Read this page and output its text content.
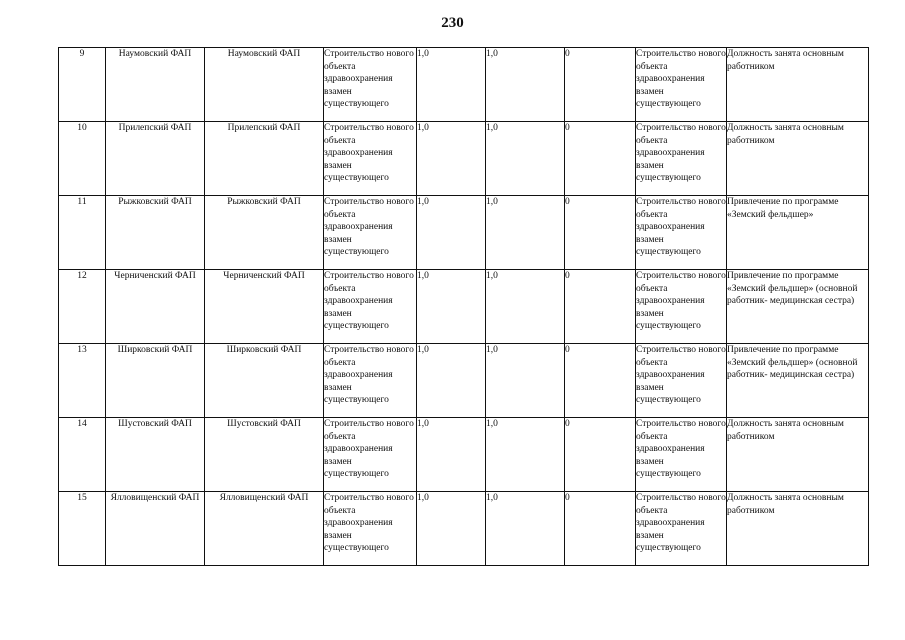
230
9	Наумовский ФАП	Наумовский ФАП	Строительство нового объекта здравоохранения взамен существующего	1,0	1,0	0	Строительство нового объекта здравоохранения взамен существующего	Должность занята основным работником
10	Прилепский ФАП	Прилепский ФАП	Строительство нового объекта здравоохранения взамен существующего	1,0	1,0	0	Строительство нового объекта здравоохранения взамен существующего	Должность занята основным работником
11	Рыжковский ФАП	Рыжковский ФАП	Строительство нового объекта здравоохранения взамен существующего	1,0	1,0	0	Строительство нового объекта здравоохранения взамен существующего	Привлечение по программе «Земский фельдшер»
12	Черничeнский ФАП	Черничeнский ФАП	Строительство нового объекта здравоохранения взамен существующего	1,0	1,0	0	Строительство нового объекта здравоохранения взамен существующего	Привлечение по программе «Земский фельдшер» (основной работник- медицинская сестра)
13	Ширковский ФАП	Ширковский ФАП	Строительство нового объекта здравоохранения взамен существующего	1,0	1,0	0	Строительство нового объекта здравоохранения взамен существующего	Привлечение по программе «Земский фельдшер» (основной работник- медицинская сестра)
14	Шустовский ФАП	Шустовский ФАП	Строительство нового объекта здравоохранения взамен существующего	1,0	1,0	0	Строительство нового объекта здравоохранения взамен существующего	Должность занята основным работником
15	Ялловищенский ФАП	Ялловищенский ФАП	Строительство нового объекта здравоохранения взамен существующего	1,0	1,0	0	Строительство нового объекта здравоохранения взамен существующего	Должность занята основным работником
